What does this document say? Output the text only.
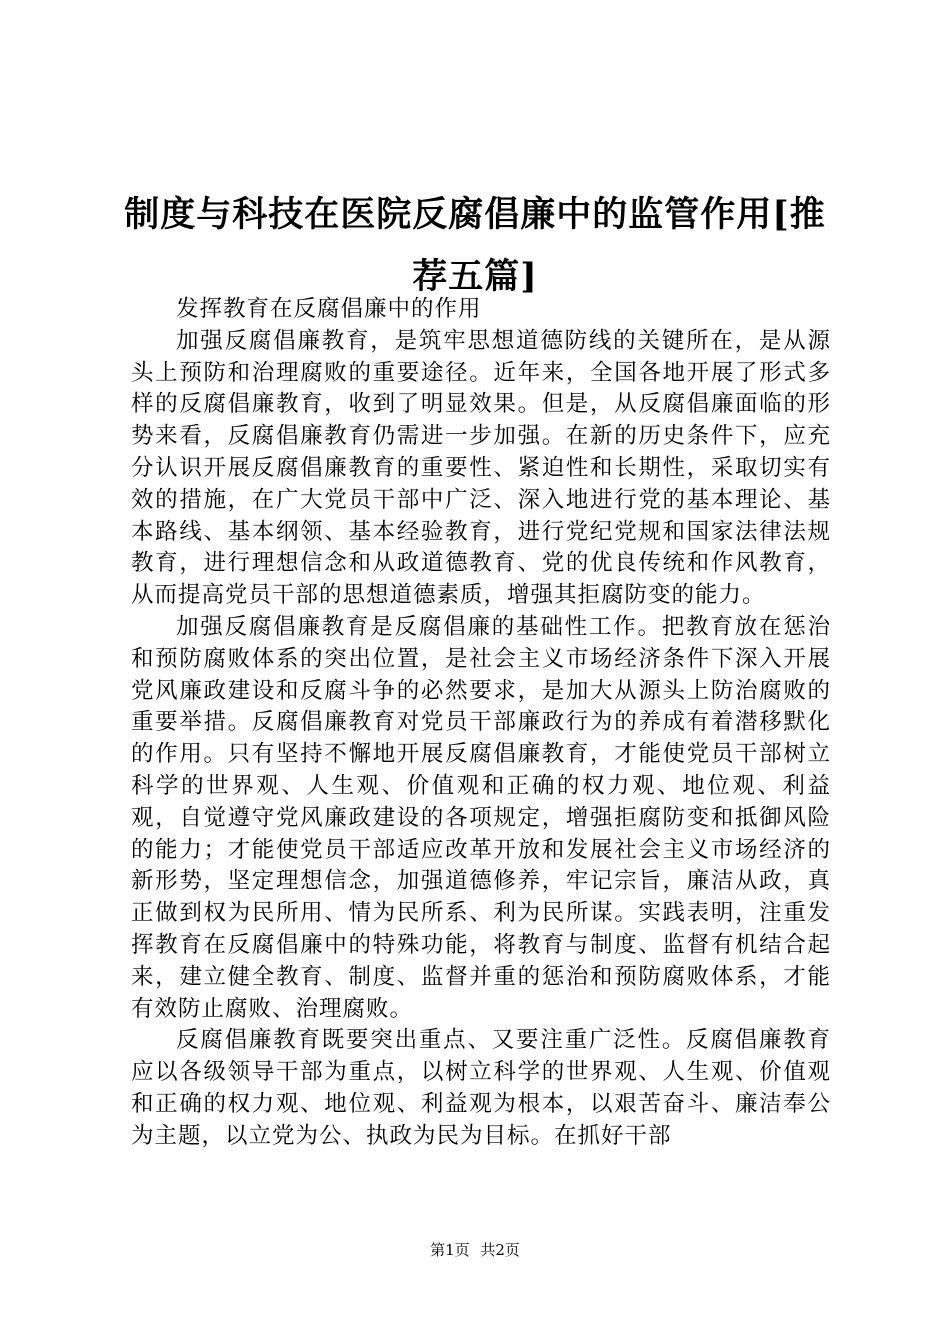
制度与科技在医院反腐倡廉中的监管作用[推荐五篇]

发挥教育在反腐倡廉中的作用

加强反腐倡廉教育，是筑牢思想道德防线的关键所在，是从源头上预防和治理腐败的重要途径。近年来，全国各地开展了形式多样的反腐倡廉教育，收到了明显效果。但是，从反腐倡廉面临的形势来看，反腐倡廉教育仍需进一步加强。在新的历史条件下，应充分认识开展反腐倡廉教育的重要性、紧迫性和长期性，采取切实有效的措施，在广大党员干部中广泛、深入地进行党的基本理论、基本路线、基本纲领、基本经验教育，进行党纪党规和国家法律法规教育，进行理想信念和从政道德教育、党的优良传统和作风教育，从而提高党员干部的思想道德素质，增强其拒腐防变的能力。

加强反腐倡廉教育是反腐倡廉的基础性工作。把教育放在惩治和预防腐败体系的突出位置，是社会主义市场经济条件下深入开展党风廉政建设和反腐斗争的必然要求，是加大从源头上防治腐败的重要举措。反腐倡廉教育对党员干部廉政行为的养成有着潜移默化的作用。只有坚持不懈地开展反腐倡廉教育，才能使党员干部树立科学的世界观、人生观、价值观和正确的权力观、地位观、利益观，自觉遵守党风廉政建设的各项规定，增强拒腐防变和抵御风险的能力；才能使党员干部适应改革开放和发展社会主义市场经济的新形势，坚定理想信念，加强道德修养，牢记宗旨，廉洁从政，真正做到权为民所用、情为民所系、利为民所谋。实践表明，注重发挥教育在反腐倡廉中的特殊功能，将教育与制度、监督有机结合起来，建立健全教育、制度、监督并重的惩治和预防腐败体系，才能有效防止腐败、治理腐败。

反腐倡廉教育既要突出重点、又要注重广泛性。反腐倡廉教育应以各级领导干部为重点，以树立科学的世界观、人生观、价值观和正确的权力观、地位观、利益观为根本，以艰苦奋斗、廉洁奉公为主题，以立党为公、执政为民为目标。在抓好干部

第1页 共2页
